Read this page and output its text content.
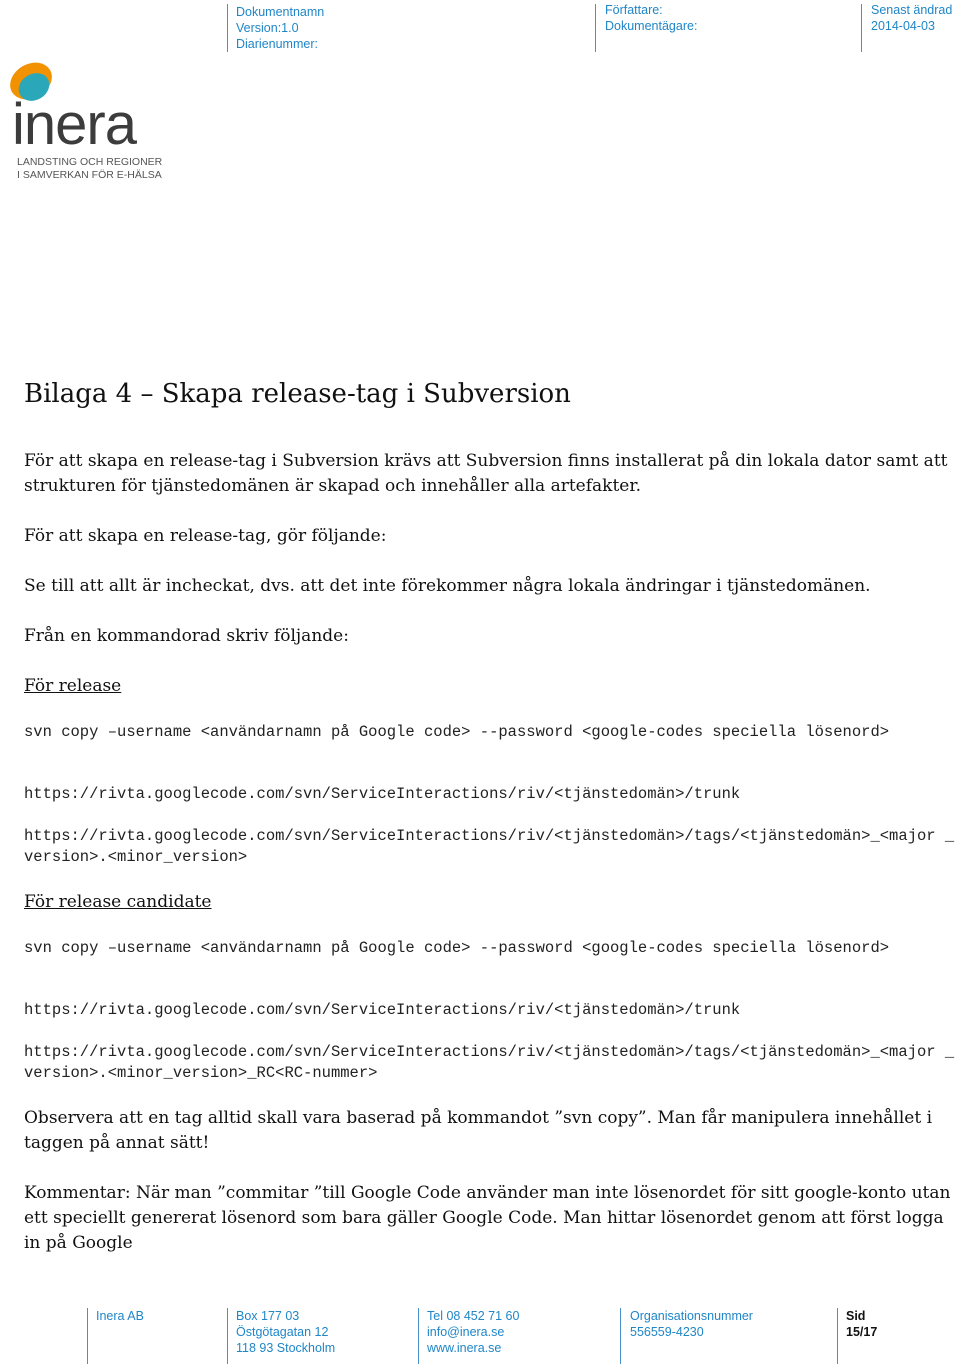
Dokumentnamn
Version:1.0
Diarienummer:
Författare:
Dokumentägare:
Senast ändrad
2014-04-03
inera
LANDSTING OCH REGIONER
I SAMVERKAN FÖR E-HÄLSA
Bilaga 4 – Skapa release-tag i Subversion

För att skapa en release-tag i Subversion krävs att Subversion finns installerat på din lokala dator samt att strukturen för tjänstedomänen är skapad och innehåller alla artefakter.

För att skapa en release-tag, gör följande:

Se till att allt är incheckat, dvs. att det inte förekommer några lokala ändringar i tjänstedomänen.

Från en kommandorad skriv följande:

För release

svn copy –username <användarnamn på Google code> --password <google-codes speciella lösenord>

https://rivta.googlecode.com/svn/ServiceInteractions/riv/<tjänstedomän>/trunk

https://rivta.googlecode.com/svn/ServiceInteractions/riv/<tjänstedomän>/tags/<tjänstedomän>_<major _version>.<minor_version>

För release candidate

svn copy –username <användarnamn på Google code> --password <google-codes speciella lösenord>

https://rivta.googlecode.com/svn/ServiceInteractions/riv/<tjänstedomän>/trunk

https://rivta.googlecode.com/svn/ServiceInteractions/riv/<tjänstedomän>/tags/<tjänstedomän>_<major _version>.<minor_version>_RC<RC-nummer>

Observera att en tag alltid skall vara baserad på kommandot ”svn copy”. Man får manipulera innehållet i taggen på annat sätt!

Kommentar: När man ”commitar ”till Google Code använder man inte lösenordet för sitt google-konto utan ett speciellt genererat lösenord som bara gäller Google Code. Man hittar lösenordet genom att först logga in på Google

Inera AB	Box 177 03
Östgötagatan 12
118 93 Stockholm
Tel 08 452 71 60
info@inera.se
www.inera.se
Organisationsnummer
556559-4230
Sid
15/17
